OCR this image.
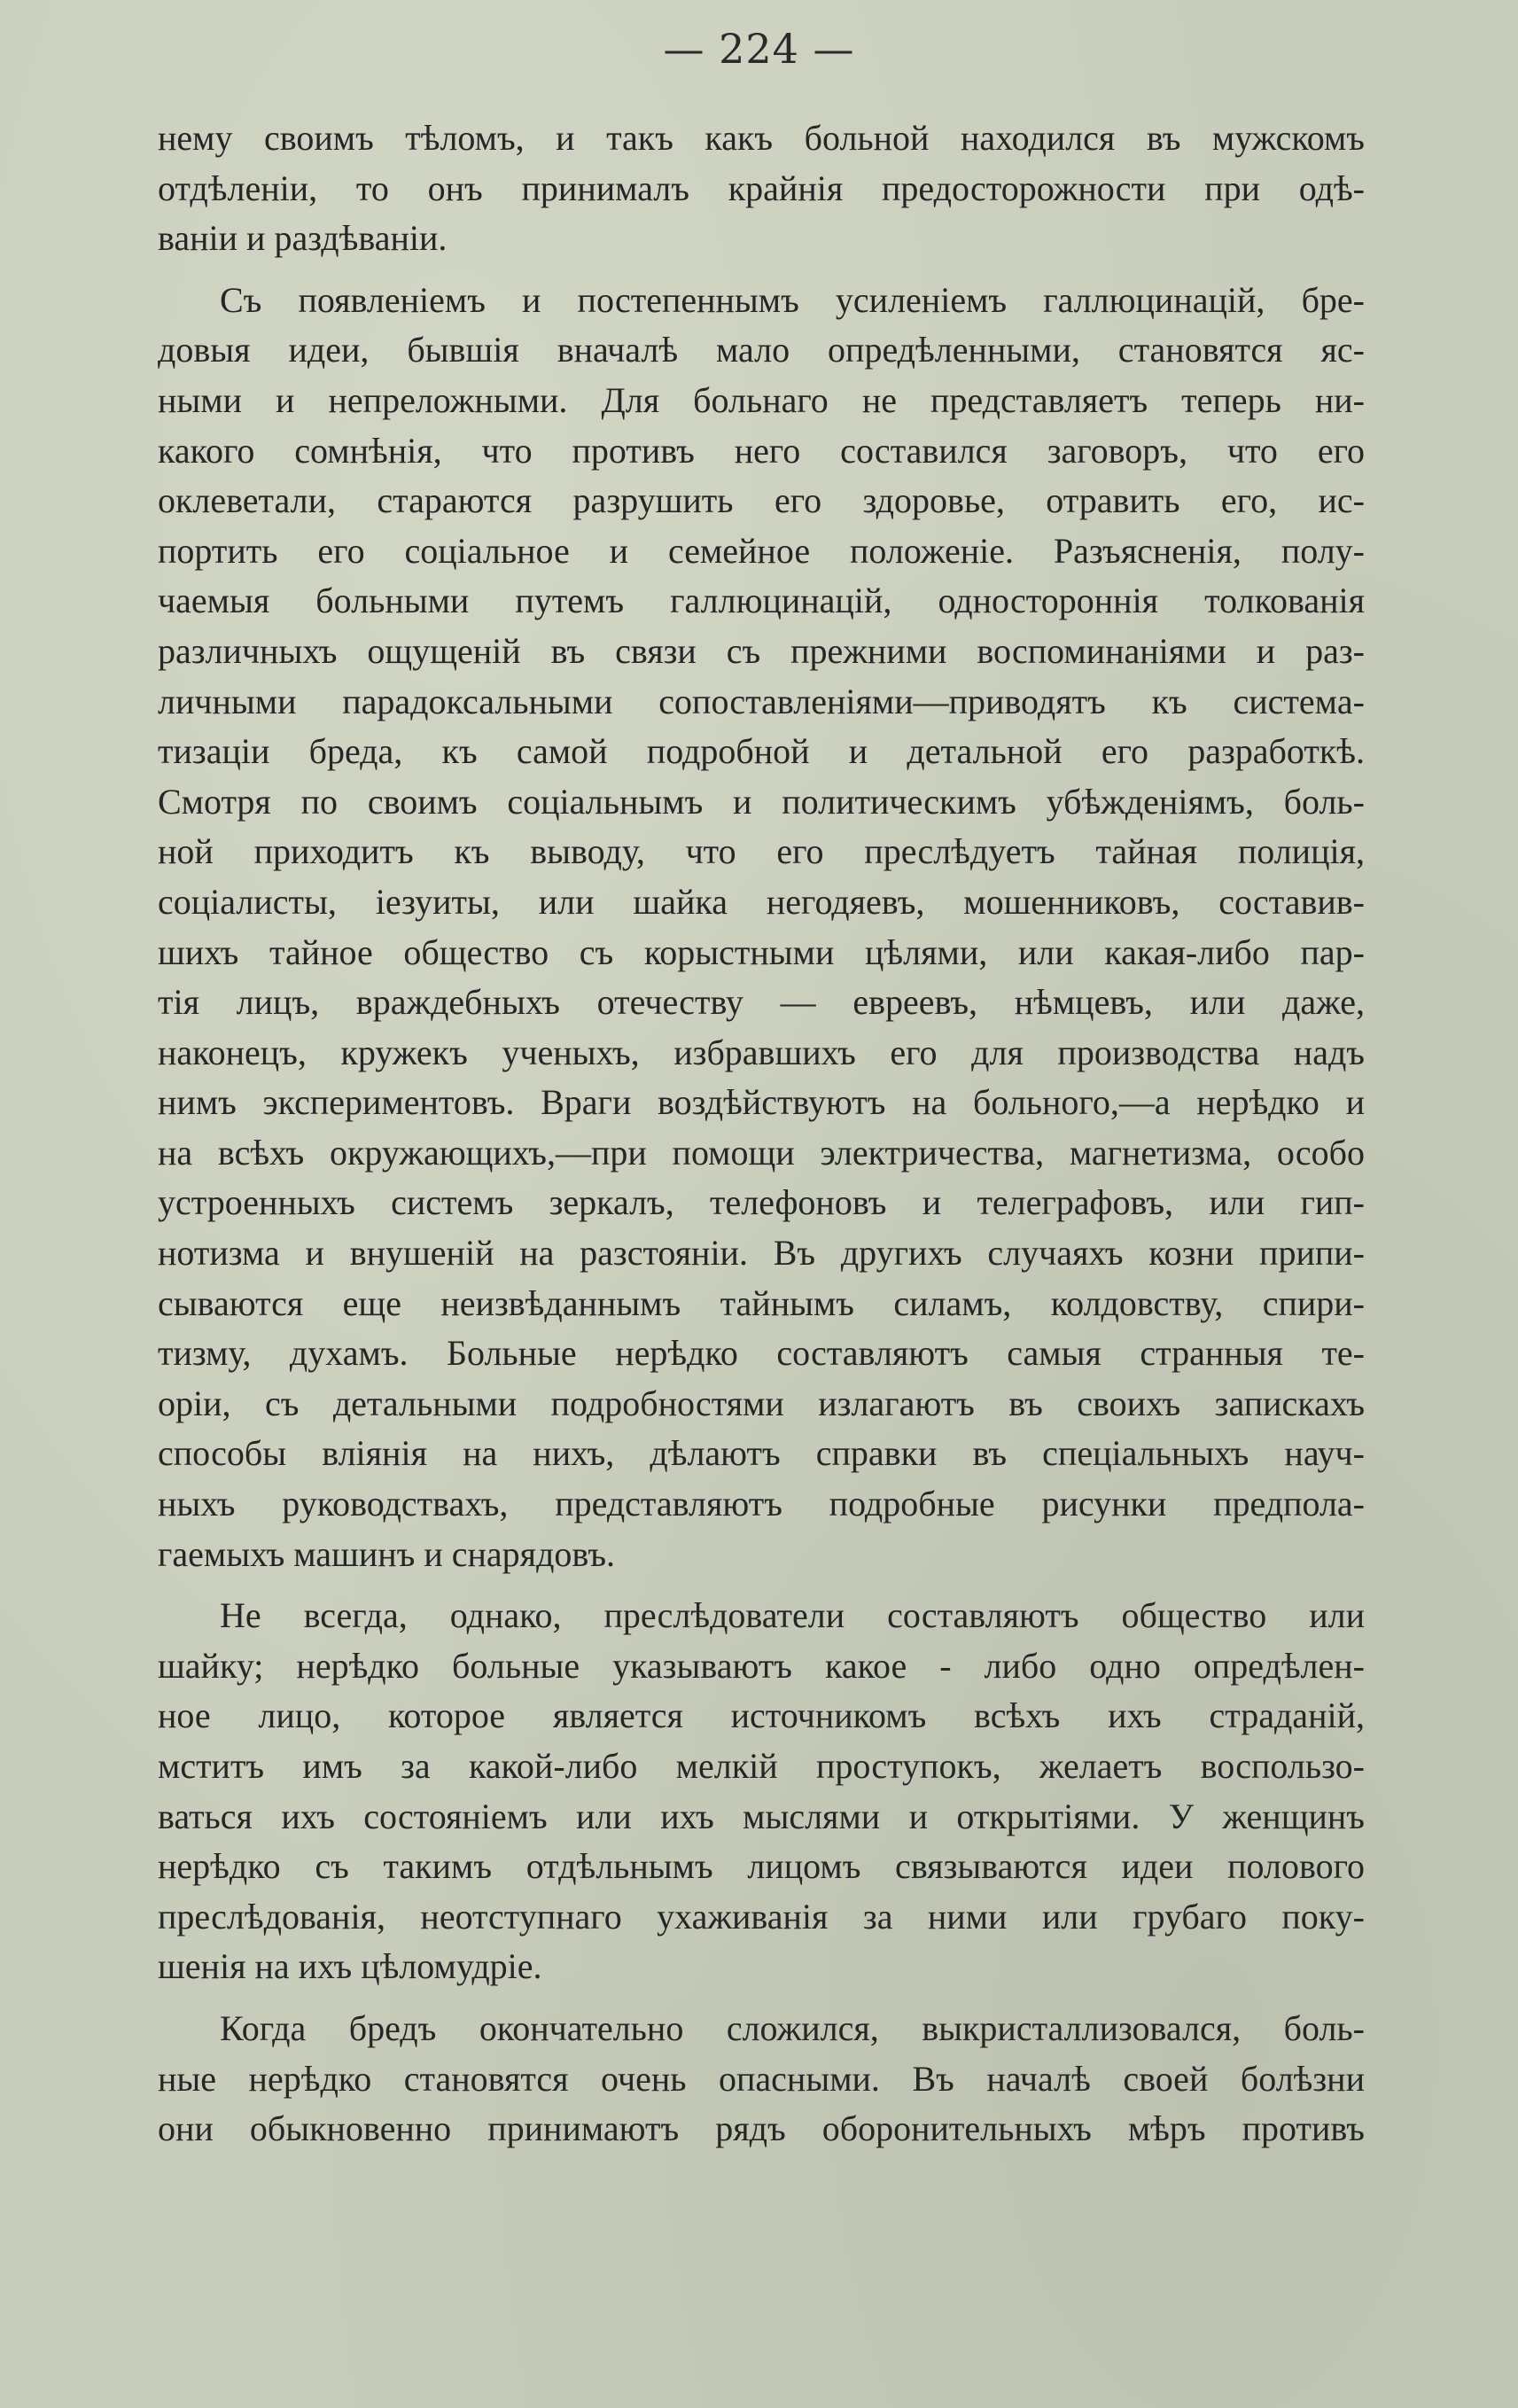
— 224 —
нему своимъ тѣломъ, и такъ какъ больной находился въ мужскомъ
отдѣленіи, то онъ принималъ крайнія предосторожности при одѣ-
ваніи и раздѣваніи.
Съ появленіемъ и постепеннымъ усиленіемъ галлюцинацій, бре-
довыя идеи, бывшія вначалѣ мало опредѣленными, становятся яс-
ными и непреложными. Для больнаго не представляетъ теперь ни-
какого сомнѣнія, что противъ него составился заговоръ, что его
оклеветали, стараются разрушить его здоровье, отравить его, ис-
портить его соціальное и семейное положеніе. Разъясненія, полу-
чаемыя больными путемъ галлюцинацій, одностороннія толкованія
различныхъ ощущеній въ связи съ прежними воспоминаніями и раз-
личными парадоксальными сопоставленіями—приводятъ къ системa-
тизаціи бреда, къ самой подробной и детальной его разработкѣ.
Смотря по своимъ соціальнымъ и политическимъ убѣжденіямъ, боль-
ной приходитъ къ выводу, что его преслѣдуетъ тайная полиція,
соціалисты, іезуиты, или шайка негодяевъ, мошенниковъ, составив-
шихъ тайное общество съ корыстными цѣлями, или какая-либо пар-
тія лицъ, враждебныхъ отечеству — евреевъ, нѣмцевъ, или даже,
наконецъ, кружекъ ученыхъ, избравшихъ его для производства надъ
нимъ экспериментовъ. Враги воздѣйствуютъ на больного,—а нерѣдко и
на всѣхъ окружающихъ,—при помощи электричества, магнетизма, особо
устроенныхъ системъ зеркалъ, телефоновъ и телеграфовъ, или гип-
нотизма и внушеній на разстояніи. Въ другихъ случаяхъ козни припи-
сываются еще неизвѣданнымъ тайнымъ силамъ, колдовству, спири-
тизму, духамъ. Больные нерѣдко составляютъ самыя странныя те-
оріи, съ детальными подробностями излагаютъ въ своихъ запискахъ
способы вліянія на нихъ, дѣлаютъ справки въ спеціальныхъ науч-
ныхъ руководствахъ, представляютъ подробные рисунки предпола-
гаемыхъ машинъ и снарядовъ.
Не всегда, однако, преслѣдователи составляютъ общество или
шайку; нерѣдко больные указываютъ какое - либо одно опредѣлен-
ное лицо, которое является источникомъ всѣхъ ихъ страданій,
мститъ имъ за какой-либо мелкій проступокъ, желаетъ воспользо-
ваться ихъ состояніемъ или ихъ мыслями и открытіями. У женщинъ
нерѣдко съ такимъ отдѣльнымъ лицомъ связываются идеи полового
преслѣдованія, неотступнаго ухаживанія за ними или грубаго поку-
шенія на ихъ цѣломудріе.
Когда бредъ окончательно сложился, выкристаллизовался, боль-
ные нерѣдко становятся очень опасными. Въ началѣ своей болѣзни
они обыкновенно принимаютъ рядъ оборонительныхъ мѣръ противъ
